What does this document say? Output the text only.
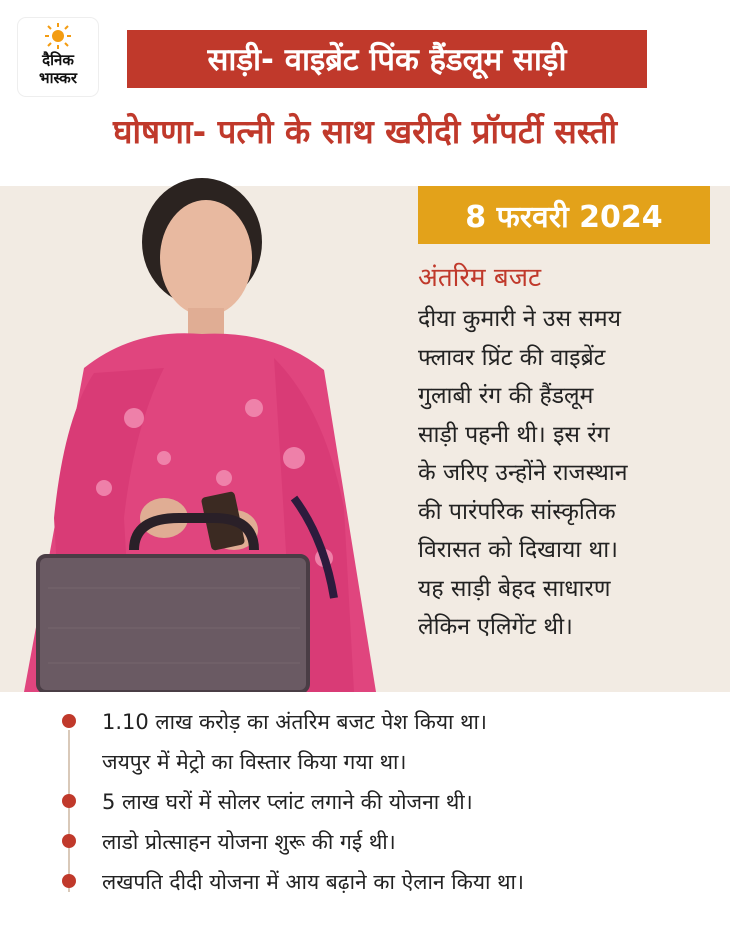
दैनिक
भास्कर	साड़ी- वाइब्रेंट पिंक हैंडलूम साड़ी
घोषणा- पत्नी के साथ खरीदी प्रॉपर्टी सस्ती
8 फरवरी 2024
अंतरिम बजट
दीया कुमारी ने उस समय
फ्लावर प्रिंट की वाइब्रेंट
गुलाबी रंग की हैंडलूम
साड़ी पहनी थी। इस रंग
के जरिए उन्होंने राजस्थान
की पारंपरिक सांस्कृतिक
विरासत को दिखाया था।
यह साड़ी बेहद साधारण
लेकिन एलिगेंट थी।
1.10 लाख करोड़ का अंतरिम बजट पेश किया था।
जयपुर में मेट्रो का विस्तार किया गया था।
5 लाख घरों में सोलर प्लांट लगाने की योजना थी।
लाडो प्रोत्साहन योजना शुरू की गई थी।
लखपति दीदी योजना में आय बढ़ाने का ऐलान किया था।
